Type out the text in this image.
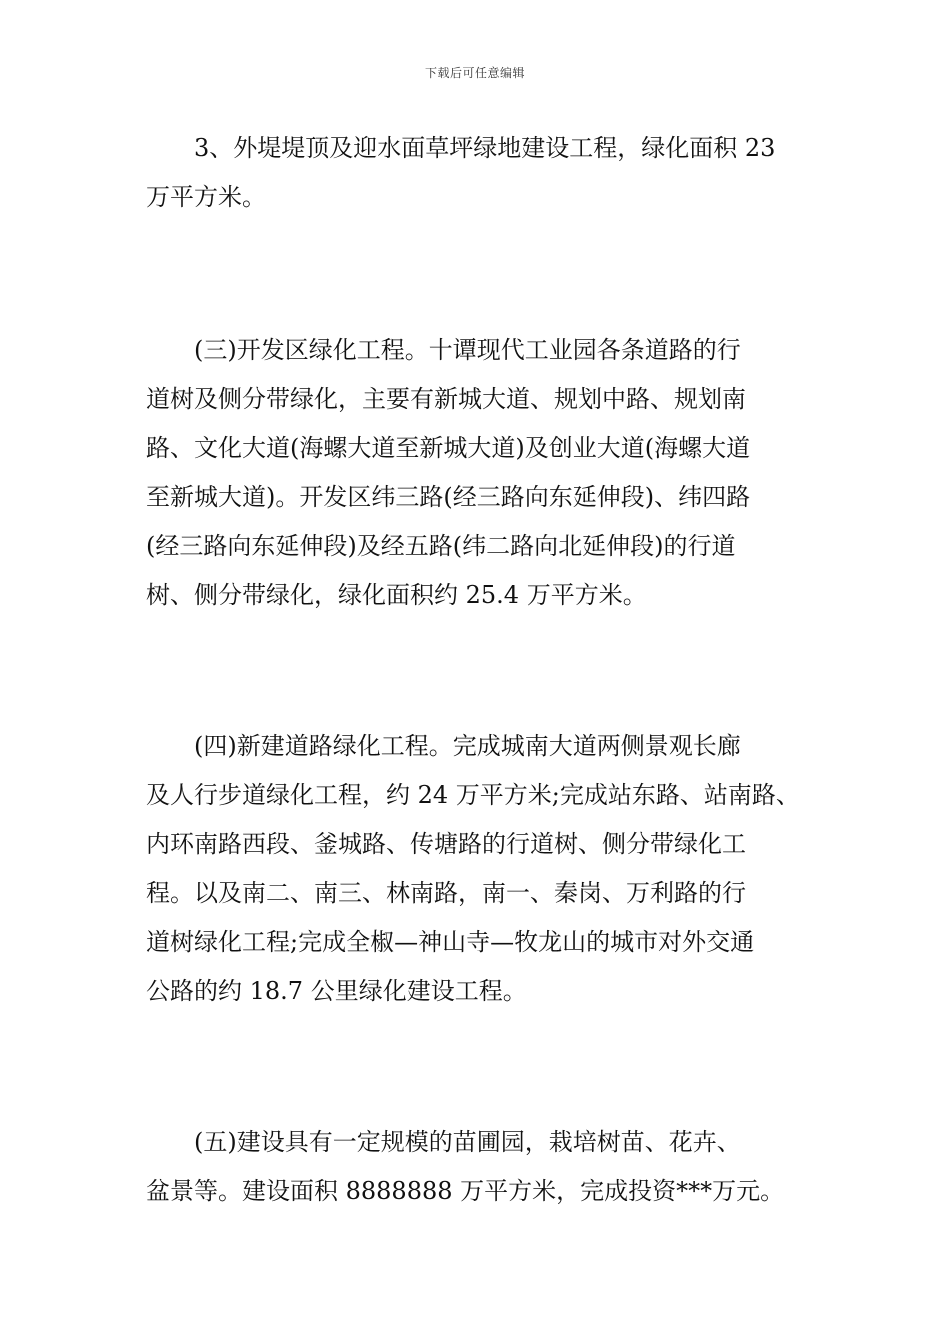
下载后可任意编辑
3、外堤堤顶及迎水面草坪绿地建设工程，绿化面积 23
万平方米。
(三)开发区绿化工程。十谭现代工业园各条道路的行
道树及侧分带绿化，主要有新城大道、规划中路、规划南
路、文化大道(海螺大道至新城大道)及创业大道(海螺大道
至新城大道)。开发区纬三路(经三路向东延伸段)、纬四路
(经三路向东延伸段)及经五路(纬二路向北延伸段)的行道
树、侧分带绿化，绿化面积约 25.4 万平方米。
(四)新建道路绿化工程。完成城南大道两侧景观长廊
及人行步道绿化工程，约 24 万平方米;完成站东路、站南路、
内环南路西段、釜城路、传塘路的行道树、侧分带绿化工
程。以及南二、南三、林南路，南一、秦岗、万利路的行
道树绿化工程;完成全椒—神山寺—牧龙山的城市对外交通
公路的约 18.7 公里绿化建设工程。
(五)建设具有一定规模的苗圃园，栽培树苗、花卉、
盆景等。建设面积 8888888 万平方米，完成投资***万元。
